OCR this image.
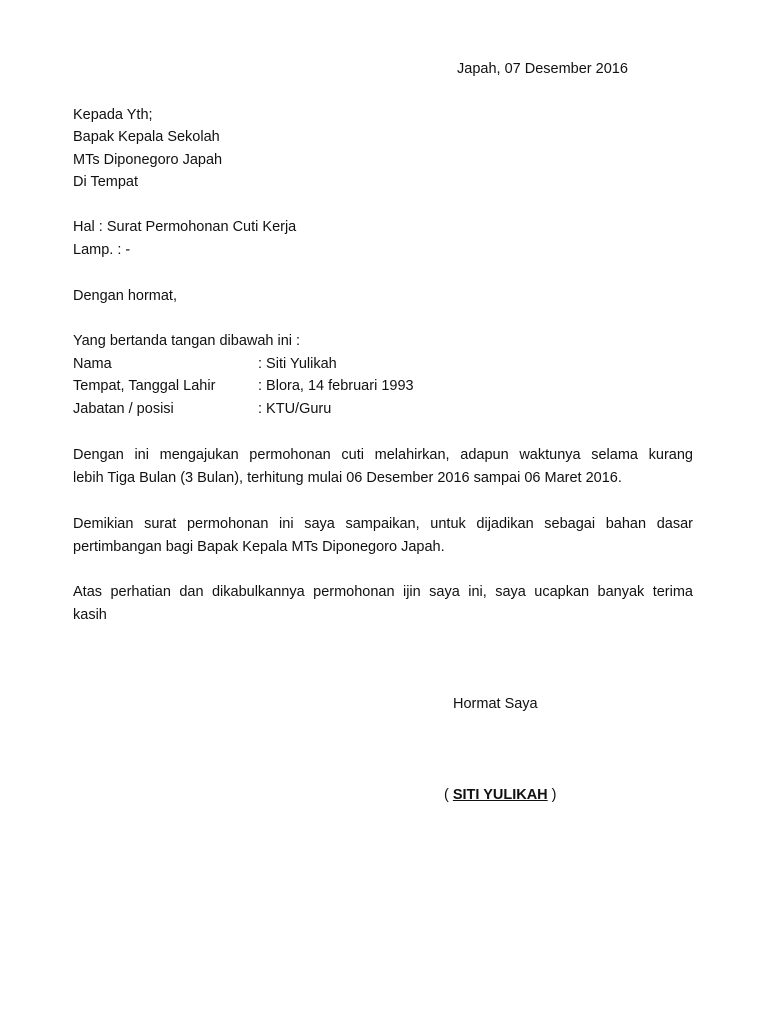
Japah, 07 Desember 2016
Kepada Yth;
Bapak Kepala Sekolah
MTs Diponegoro Japah
Di Tempat
Hal : Surat Permohonan Cuti Kerja
Lamp. : -
Dengan hormat,
Yang bertanda tangan dibawah ini :
Nama	: Siti Yulikah
Tempat, Tanggal Lahir	: Blora, 14 februari 1993
Jabatan / posisi	: KTU/Guru
Dengan ini mengajukan permohonan cuti melahirkan, adapun waktunya selama kurang
lebih Tiga Bulan (3 Bulan), terhitung mulai 06 Desember 2016 sampai 06 Maret 2016.
Demikian surat permohonan ini saya sampaikan, untuk dijadikan sebagai bahan dasar
pertimbangan bagi Bapak Kepala MTs Diponegoro Japah.
Atas perhatian dan dikabulkannya permohonan ijin saya ini, saya ucapkan banyak terima
kasih
Hormat Saya
( SITI YULIKAH )
